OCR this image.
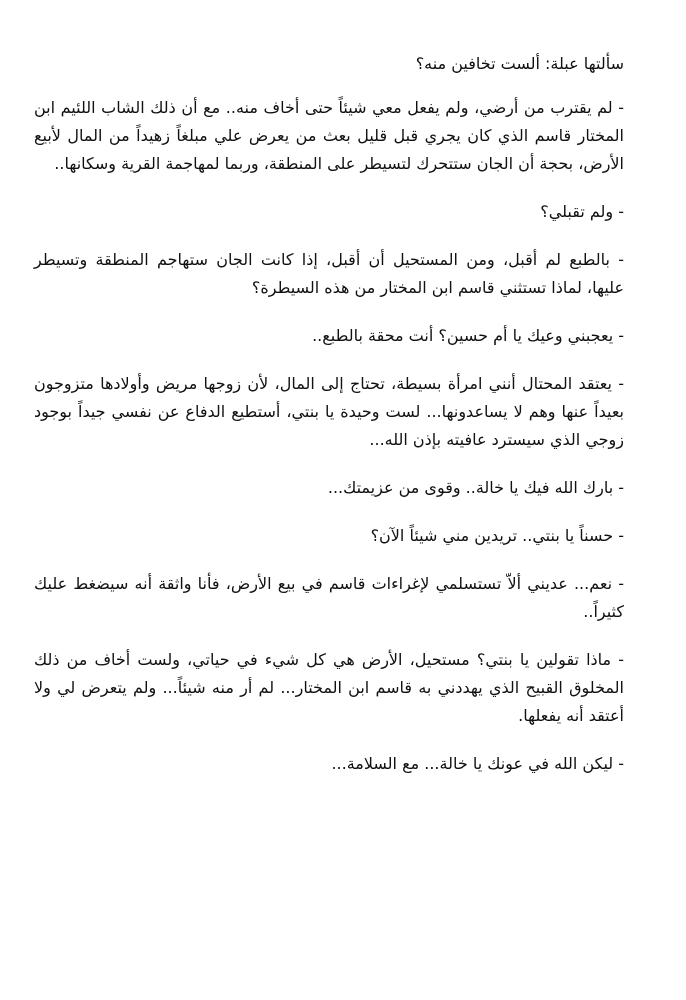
سألتها عبلة: ألست تخافين منه؟

- لم يقترب من أرضي، ولم يفعل معي شيئاً حتى أخاف منه.. مع أن ذلك الشاب اللئيم ابن المختار قاسم الذي كان يجري قبل قليل بعث من يعرض علي مبلغاً زهيداً من المال لأبيع الأرض، بحجة أن الجان ستتحرك لتسيطر على المنطقة، وربما لمهاجمة القرية وسكانها..

- ولم تقبلي؟

- بالطبع لم أقبل، ومن المستحيل أن أقبل، إذا كانت الجان ستهاجم المنطقة وتسيطر عليها، لماذا تستثني قاسم ابن المختار من هذه السيطرة؟

- يعجبني وعيك يا أم حسين؟ أنت محقة بالطبع..

- يعتقد المحتال أنني امرأة بسيطة، تحتاج إلى المال، لأن زوجها مريض وأولادها متزوجون بعيداً عنها وهم لا يساعدونها... لست وحيدة يا بنتي، أستطيع الدفاع عن نفسي جيداً بوجود زوجي الذي سيسترد عافيته بإذن الله...

- بارك الله فيك يا خالة.. وقوى من عزيمتك...

- حسناً يا بنتي.. تريدين مني شيئاً الآن؟

- نعم... عديني ألاّ تستسلمي لإغراءات قاسم في بيع الأرض، فأنا واثقة أنه سيضغط عليك كثيراً..

- ماذا تقولين يا بنتي؟ مستحيل، الأرض هي كل شيء في حياتي، ولست أخاف من ذلك المخلوق القبيح الذي يهددني به قاسم ابن المختار... لم أر منه شيئاً... ولم يتعرض لي ولا أعتقد أنه يفعلها.

- ليكن الله في عونك يا خالة... مع السلامة...
